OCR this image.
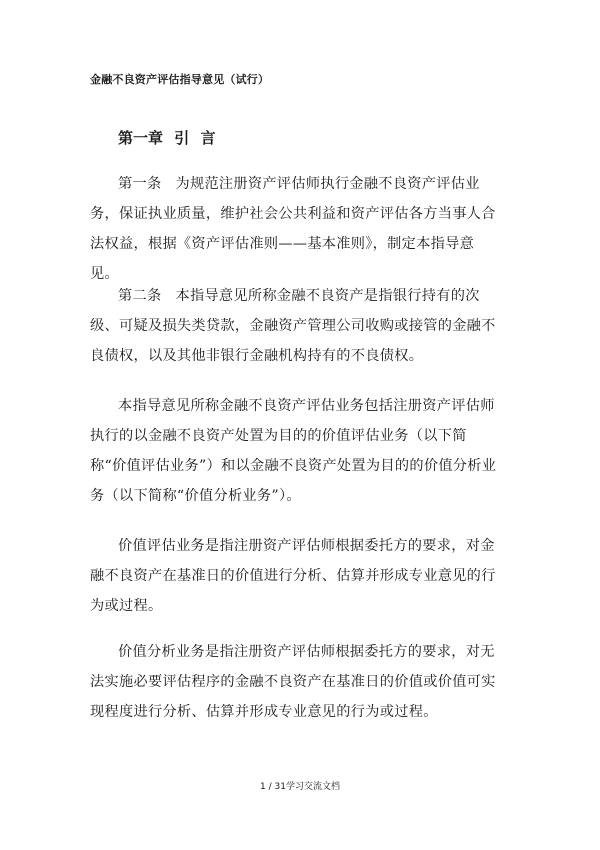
金融不良资产评估指导意见（试行）
第一章 引 言

第一条 为规范注册资产评估师执行金融不良资产评估业务，保证执业质量，维护社会公共利益和资产评估各方当事人合法权益，根据《资产评估准则——基本准则》，制定本指导意见。

第二条 本指导意见所称金融不良资产是指银行持有的次级、可疑及损失类贷款，金融资产管理公司收购或接管的金融不良债权，以及其他非银行金融机构持有的不良债权。

本指导意见所称金融不良资产评估业务包括注册资产评估师执行的以金融不良资产处置为目的的价值评估业务（以下简称“价值评估业务”）和以金融不良资产处置为目的的价值分析业务（以下简称“价值分析业务”）。

价值评估业务是指注册资产评估师根据委托方的要求，对金融不良资产在基准日的价值进行分析、估算并形成专业意见的行为或过程。

价值分析业务是指注册资产评估师根据委托方的要求，对无法实施必要评估程序的金融不良资产在基准日的价值或价值可实现程度进行分析、估算并形成专业意见的行为或过程。

1 / 31学习交流文档
